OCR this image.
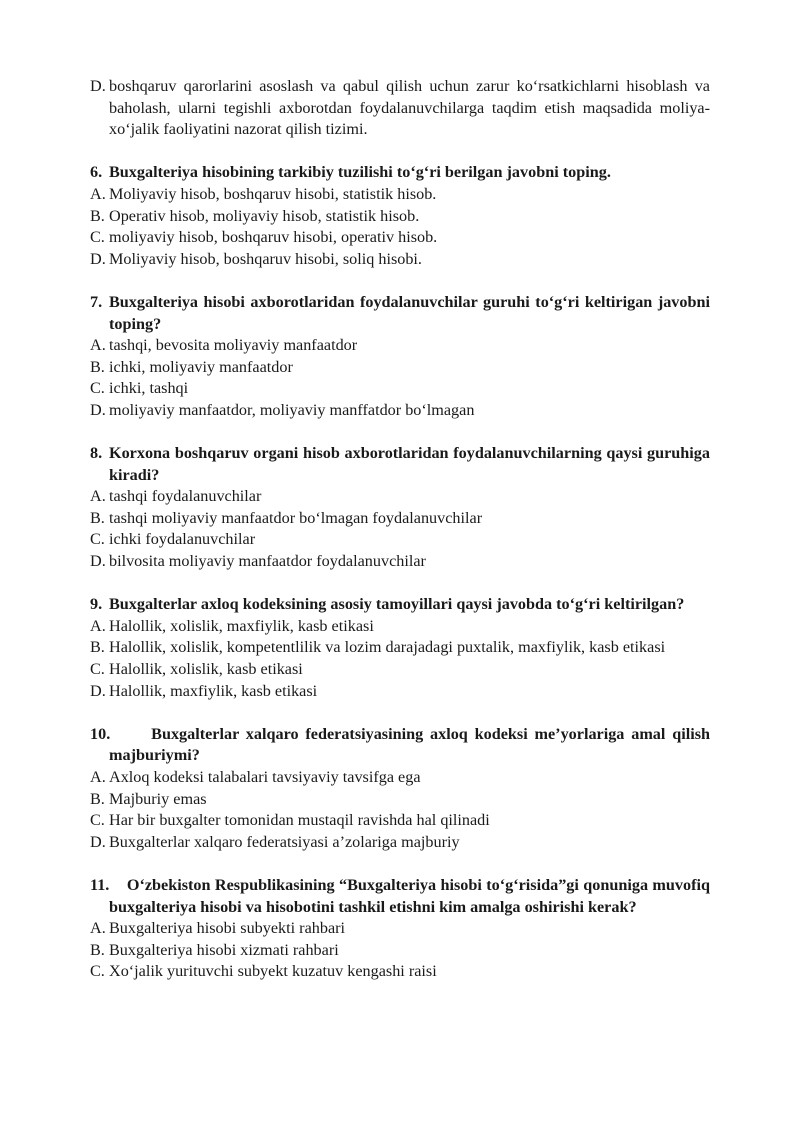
D. boshqaruv qarorlarini asoslash va qabul qilish uchun zarur ko‘rsatkichlarni hisoblash va baholash, ularni tegishli axborotdan foydalanuvchilarga taqdim etish maqsadida moliya-xo‘jalik faoliyatini nazorat qilish tizimi.
6. Buxgalteriya hisobining tarkibiy tuzilishi to‘g‘ri berilgan javobni toping.
A. Moliyaviy hisob, boshqaruv hisobi, statistik hisob.
B. Operativ hisob, moliyaviy hisob, statistik hisob.
C. moliyaviy hisob, boshqaruv hisobi, operativ hisob.
D. Moliyaviy hisob, boshqaruv hisobi, soliq hisobi.
7. Buxgalteriya hisobi axborotlaridan foydalanuvchilar guruhi to‘g‘ri keltirigan javobni toping?
A. tashqi, bevosita moliyaviy manfaatdor
B. ichki, moliyaviy manfaatdor
C. ichki, tashqi
D. moliyaviy manfaatdor, moliyaviy manffatdor bo‘lmagan
8. Korxona boshqaruv organi hisob axborotlaridan foydalanuvchilarning qaysi guruhiga kiradi?
A. tashqi foydalanuvchilar
B. tashqi moliyaviy manfaatdor bo‘lmagan foydalanuvchilar
C. ichki foydalanuvchilar
D. bilvosita moliyaviy manfaatdor foydalanuvchilar
9. Buxgalterlar axloq kodeksining asosiy tamoyillari qaysi javobda to‘g‘ri keltirilgan?
A. Halollik, xolislik, maxfiylik, kasb etikasi
B. Halollik, xolislik, kompetentlilik va lozim darajadagi puxtalik, maxfiylik, kasb etikasi
C. Halollik, xolislik, kasb etikasi
D. Halollik, maxfiylik, kasb etikasi
10.	Buxgalterlar xalqaro federatsiyasining axloq kodeksi me’yorlariga amal qilish majburiymi?
A. Axloq kodeksi talabalari tavsiyaviy tavsifga ega
B. Majburiy emas
C. Har bir buxgalter tomonidan mustaqil ravishda hal qilinadi
D. Buxgalterlar xalqaro federatsiyasi a’zolariga majburiy
11. O‘zbekiston Respublikasining “Buxgalteriya hisobi to‘g‘risida”gi qonuniga muvofiq buxgalteriya hisobi va hisobotini tashkil etishni kim amalga oshirishi kerak?
A. Buxgalteriya hisobi subyekti rahbari
B. Buxgalteriya hisobi xizmati rahbari
C. Xo‘jalik yurituvchi subyekt kuzatuv kengashi raisi
